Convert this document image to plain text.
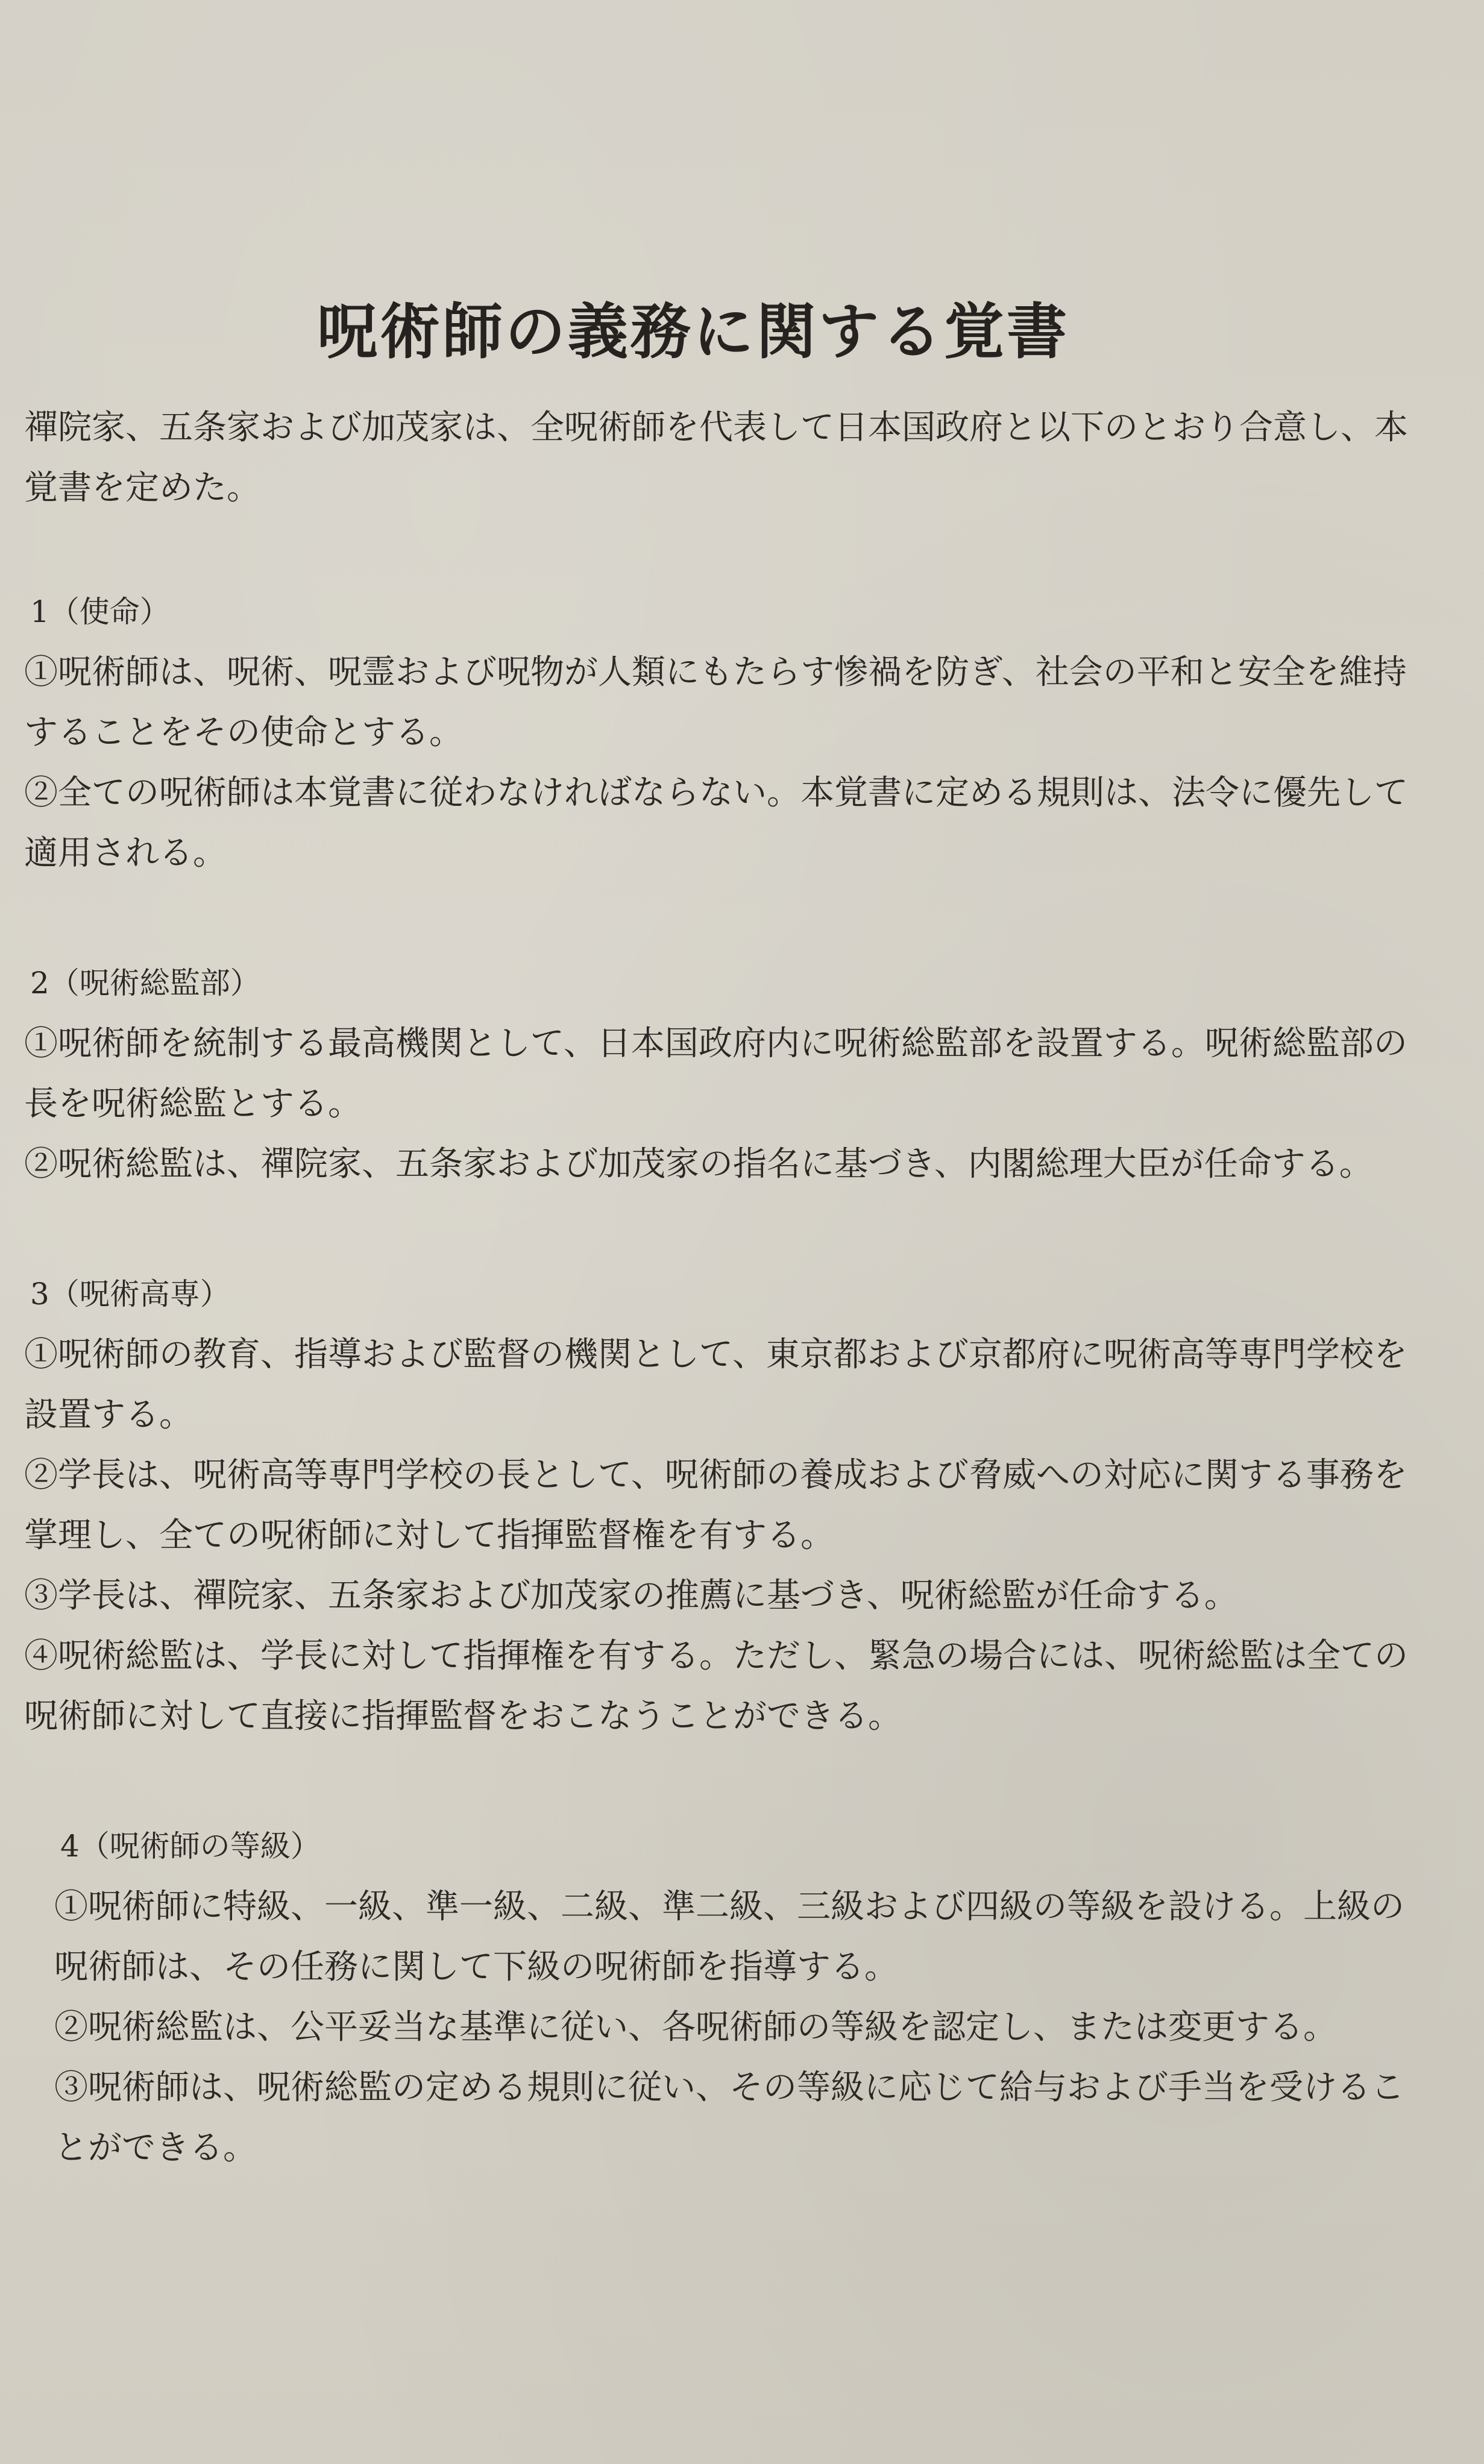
呪術師の義務に関する覚書

禪院家、五条家および加茂家は、全呪術師を代表して日本国政府と以下のとおり合意し、本覚書を定めた。

1（使命）

①呪術師は、呪術、呪霊および呪物が人類にもたらす惨禍を防ぎ、社会の平和と安全を維持することをその使命とする。

②全ての呪術師は本覚書に従わなければならない。本覚書に定める規則は、法令に優先して適用される。

2（呪術総監部）

①呪術師を統制する最高機関として、日本国政府内に呪術総監部を設置する。呪術総監部の長を呪術総監とする。

②呪術総監は、禪院家、五条家および加茂家の指名に基づき、内閣総理大臣が任命する。

3（呪術高専）

①呪術師の教育、指導および監督の機関として、東京都および京都府に呪術高等専門学校を設置する。

②学長は、呪術高等専門学校の長として、呪術師の養成および脅威への対応に関する事務を掌理し、全ての呪術師に対して指揮監督権を有する。

③学長は、禪院家、五条家および加茂家の推薦に基づき、呪術総監が任命する。

④呪術総監は、学長に対して指揮権を有する。ただし、緊急の場合には、呪術総監は全ての呪術師に対して直接に指揮監督をおこなうことができる。

4（呪術師の等級）

①呪術師に特級、一級、準一級、二級、準二級、三級および四級の等級を設ける。上級の呪術師は、その任務に関して下級の呪術師を指導する。

②呪術総監は、公平妥当な基準に従い、各呪術師の等級を認定し、または変更する。

③呪術師は、呪術総監の定める規則に従い、その等級に応じて給与および手当を受けることができる。
